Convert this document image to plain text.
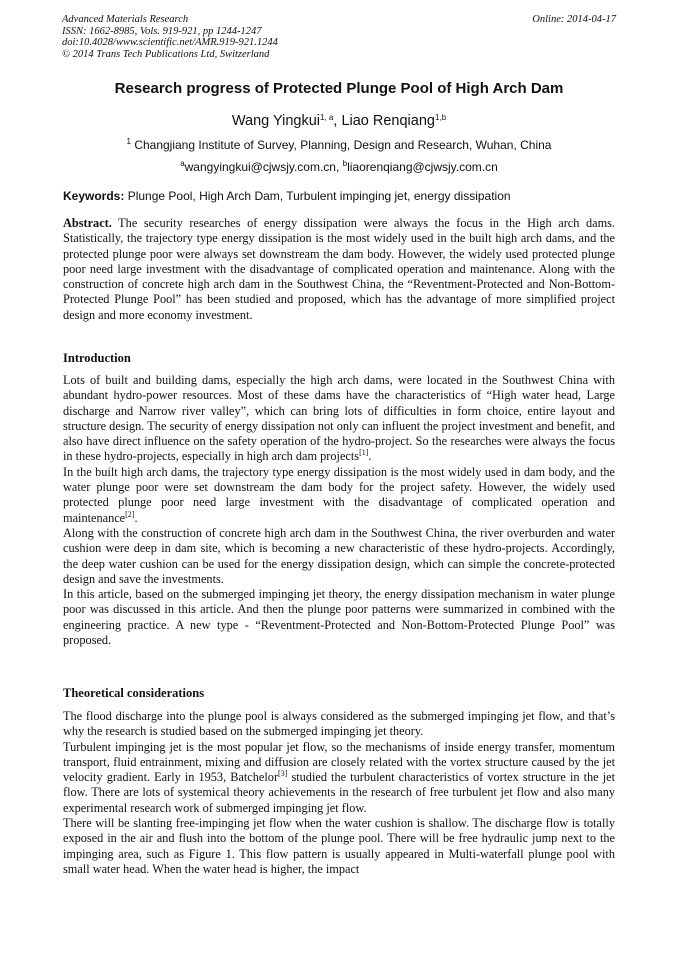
Advanced Materials Research
ISSN: 1662-8985, Vols. 919-921, pp 1244-1247
doi:10.4028/www.scientific.net/AMR.919-921.1244
© 2014 Trans Tech Publications Ltd, Switzerland
Online: 2014-04-17
Research progress of Protected Plunge Pool of High Arch Dam
Wang Yingkui$^{1, a}$, Liao Renqiang$^{1,b}$
$^1$ Changjiang Institute of Survey, Planning, Design and Research, Wuhan, China
$^a$wangyingkui@cjwsjy.com.cn, $^b$liaorenqiang@cjwsjy.com.cn
Keywords: Plunge Pool, High Arch Dam, Turbulent impinging jet, energy dissipation

Abstract. The security researches of energy dissipation were always the focus in the High arch dams. Statistically, the trajectory type energy dissipation is the most widely used in the built high arch dams, and the protected plunge poor were always set downstream the dam body. However, the widely used protected plunge poor need large investment with the disadvantage of complicated operation and maintenance. Along with the construction of concrete high arch dam in the Southwest China, the “Reventment-Protected and Non-Bottom-Protected Plunge Pool” has been studied and proposed, which has the advantage of more simplified project design and more economy investment.

Introduction

Lots of built and building dams, especially the high arch dams, were located in the Southwest China with abundant hydro-power resources. Most of these dams have the characteristics of “High water head, Large discharge and Narrow river valley”, which can bring lots of difficulties in form choice, entire layout and structure design. The security of energy dissipation not only can influent the project investment and benefit, and also have direct influence on the safety operation of the hydro-project. So the researches were always the focus in these hydro-projects, especially in high arch dam projects[1].

In the built high arch dams, the trajectory type energy dissipation is the most widely used in dam body, and the water plunge poor were set downstream the dam body for the project safety. However, the widely used protected plunge poor need large investment with the disadvantage of complicated operation and maintenance[2].

Along with the construction of concrete high arch dam in the Southwest China, the river overburden and water cushion were deep in dam site, which is becoming a new characteristic of these hydro-projects. Accordingly, the deep water cushion can be used for the energy dissipation design, which can simple the concrete-protected design and save the investments.

In this article, based on the submerged impinging jet theory, the energy dissipation mechanism in water plunge poor was discussed in this article. And then the plunge poor patterns were summarized in combined with the engineering practice. A new type - “Reventment-Protected and Non-Bottom-Protected Plunge Pool” was proposed.

Theoretical considerations

The flood discharge into the plunge pool is always considered as the submerged impinging jet flow, and that’s why the research is studied based on the submerged impinging jet theory.

Turbulent impinging jet is the most popular jet flow, so the mechanisms of inside energy transfer, momentum transport, fluid entrainment, mixing and diffusion are closely related with the vortex structure caused by the jet velocity gradient. Early in 1953, Batchelor[3] studied the turbulent characteristics of vortex structure in the jet flow. There are lots of systemical theory achievements in the research of free turbulent jet flow and also many experimental research work of submerged impinging jet flow.

There will be slanting free-impinging jet flow when the water cushion is shallow. The discharge flow is totally exposed in the air and flush into the bottom of the plunge pool. There will be free hydraulic jump next to the impinging area, such as Figure 1. This flow pattern is usually appeared in Multi-waterfall plunge pool with small water head. When the water head is higher, the impact
